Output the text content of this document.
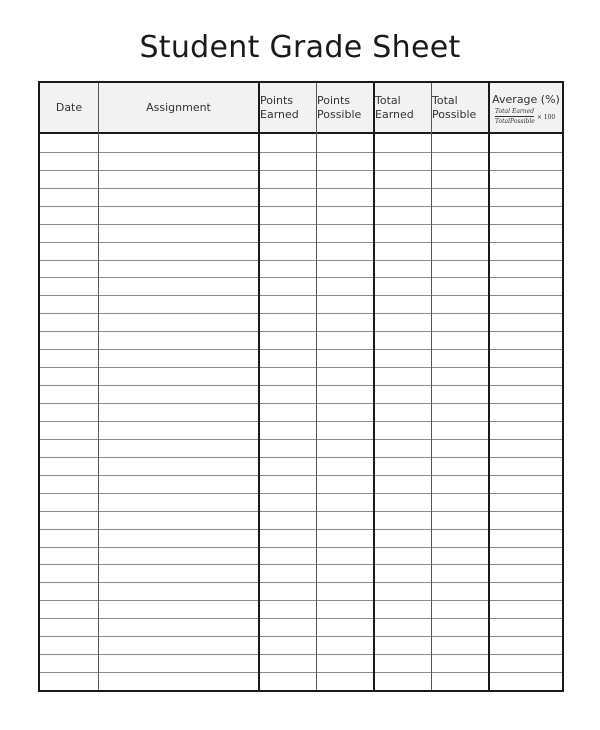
Student Grade Sheet
Date	Assignment	Points
Earned
Points
Possible
Total
Earned
Total
Possible
Average (%)
$\frac{\text{Total Earned}}{\text{TotalPossible}} \times 100$
